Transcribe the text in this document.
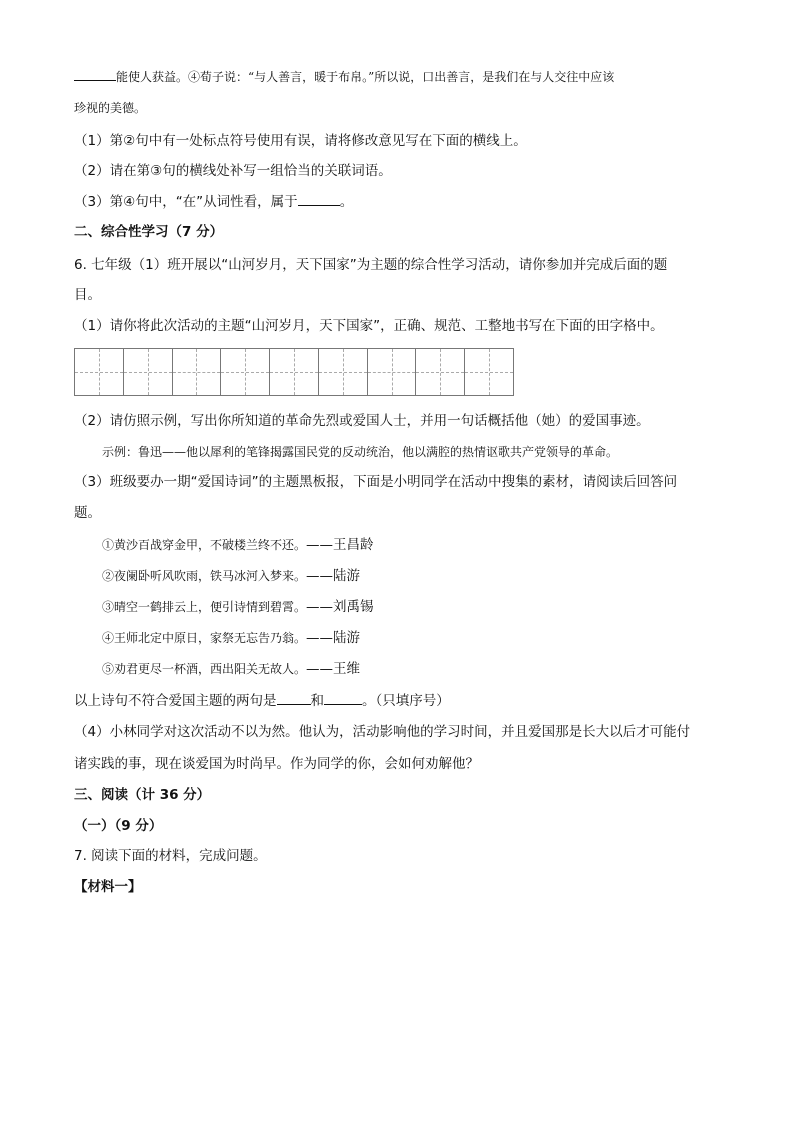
能使人获益。④荀子说：“与人善言，暖于布帛。”所以说，口出善言，是我们在与人交往中应该
珍视的美德。
（1）第②句中有一处标点符号使用有误，请将修改意见写在下面的横线上。
（2）请在第③句的横线处补写一组恰当的关联词语。
（3）第④句中，“在”从词性看，属于	。
二、综合性学习（7 分）
6. 七年级（1）班开展以“山河岁月，天下国家”为主题的综合性学习活动，请你参加并完成后面的题
目。
（1）请你将此次活动的主题“山河岁月，天下国家”，正确、规范、工整地书写在下面的田字格中。
（2）请仿照示例，写出你所知道的革命先烈或爱国人士，并用一句话概括他（她）的爱国事迹。
示例：鲁迅——他以犀利的笔锋揭露国民党的反动统治，他以满腔的热情讴歌共产党领导的革命。
（3）班级要办一期“爱国诗词”的主题黑板报，下面是小明同学在活动中搜集的素材，请阅读后回答问
题。
①黄沙百战穿金甲，不破楼兰终不还。——王昌龄
②夜阑卧听风吹雨，铁马冰河入梦来。——陆游
③晴空一鹤排云上，便引诗情到碧霄。——刘禹锡
④王师北定中原日，家祭无忘告乃翁。——陆游
⑤劝君更尽一杯酒，西出阳关无故人。——王维
以上诗句不符合爱国主题的两句是	和	。（只填序号）
（4）小林同学对这次活动不以为然。他认为，活动影响他的学习时间，并且爱国那是长大以后才可能付
诸实践的事，现在谈爱国为时尚早。作为同学的你，会如何劝解他？
三、阅读（计 36 分）
（一）（9 分）
7. 阅读下面的材料，完成问题。
【材料一】
